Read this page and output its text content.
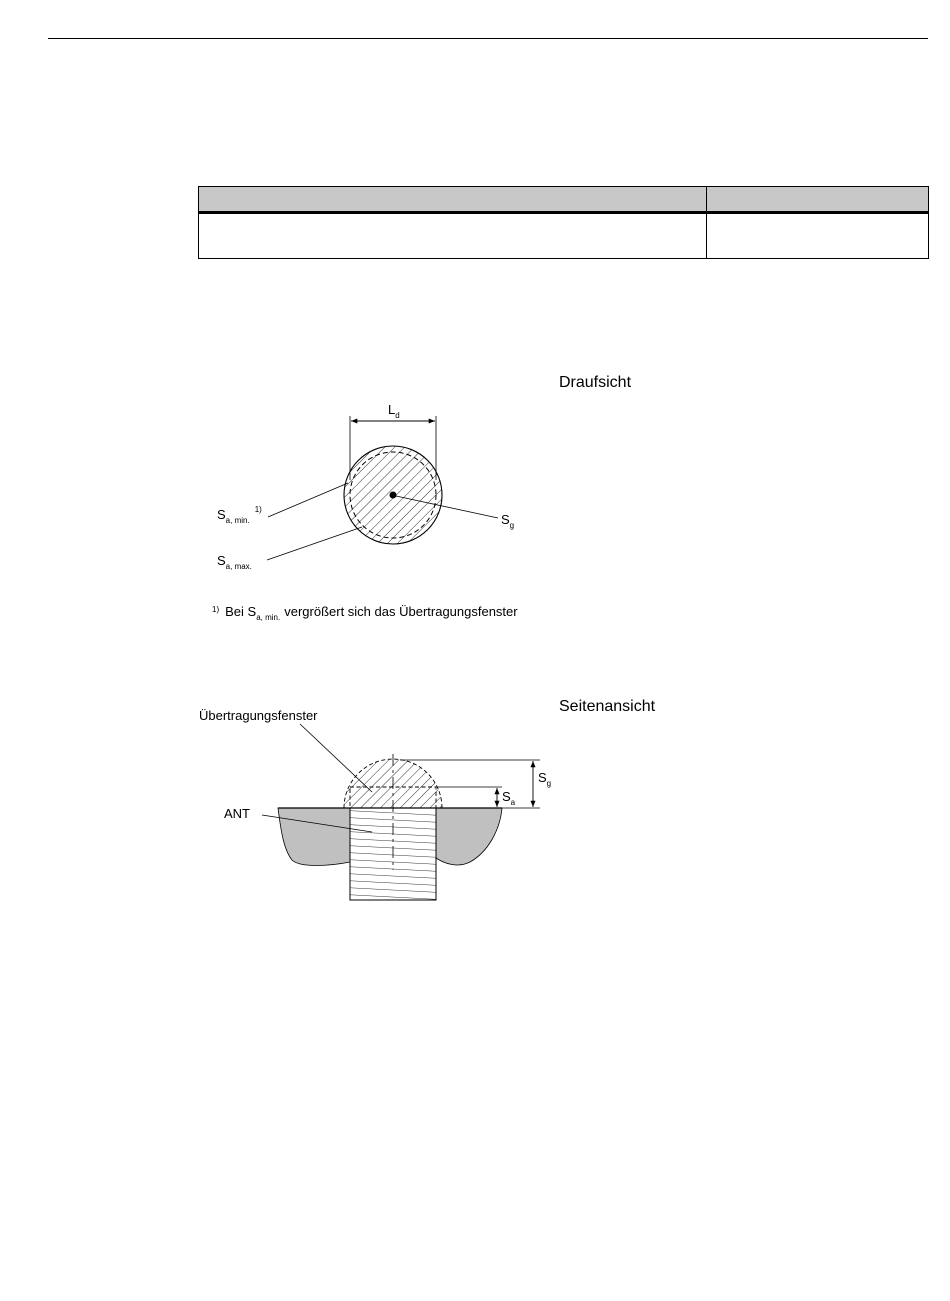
Draufsicht
Seitenansicht
$L_d$
$S_{a, min.}^{1)}$
$S_{a, max.}$
$S_g$
$^{1)}$ Bei $S_{a, min.}$ vergrößert sich das Übertragungsfenster
$S_g$
$S_a$
Übertragungsfenster
ANT
